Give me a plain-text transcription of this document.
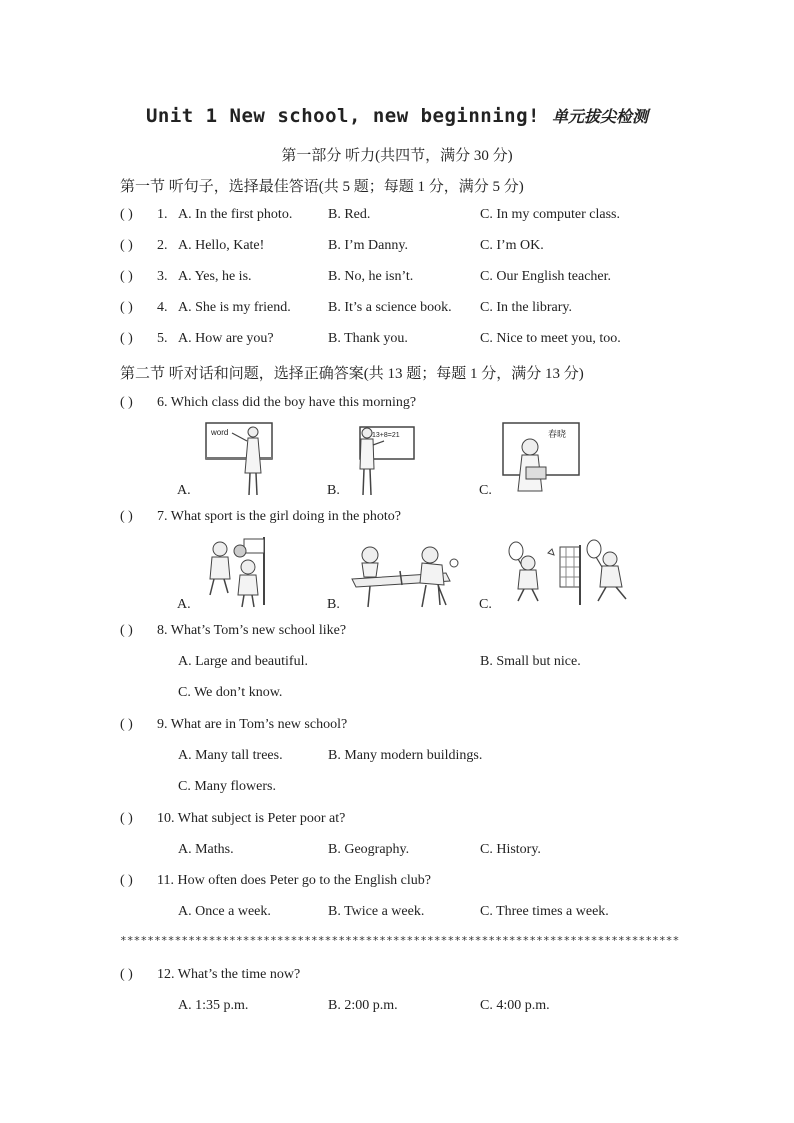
Unit 1 New school, new beginning! 单元拔尖检测
第一部分 听力(共四节，满分 30 分)
第一节 听句子，选择最佳答语(共 5 题；每题 1 分，满分 5 分)
( ) 1. A. In the first photo.	B. Red.	C. In my computer class.
( ) 2. A. Hello, Kate!	B. I’m Danny.	C. I’m OK.
( ) 3. A. Yes, he is.	B. No, he isn’t.	C. Our English teacher.
( ) 4. A. She is my friend.	B. It’s a science book. C. In the library.
( ) 5. A. How are you?	B. Thank you.	C. Nice to meet you, too.
第二节 听对话和问题，选择正确答案(共 13 题；每题 1 分，满分 13 分)
( ) 6. Which class did the boy have this morning?
word
A.
13+8=21
B.
春晓
C.
( ) 7. What sport is the girl doing in the photo?
A.	B.	C.
( ) 8. What’s Tom’s new school like?
A. Large and beautiful.	B. Small but nice.
C. We don’t know.
( ) 9. What are in Tom’s new school?
A. Many tall trees.	B. Many modern buildings.
C. Many flowers.
( ) 10. What subject is Peter poor at?
A. Maths.	B. Geography.	C. History.
( ) 11. How often does Peter go to the English club?
A. Once a week.	B. Twice a week.	C. Three times a week.
**********************************************************************************
( ) 12. What’s the time now?
A. 1:35 p.m.	B. 2:00 p.m.	C. 4:00 p.m.
